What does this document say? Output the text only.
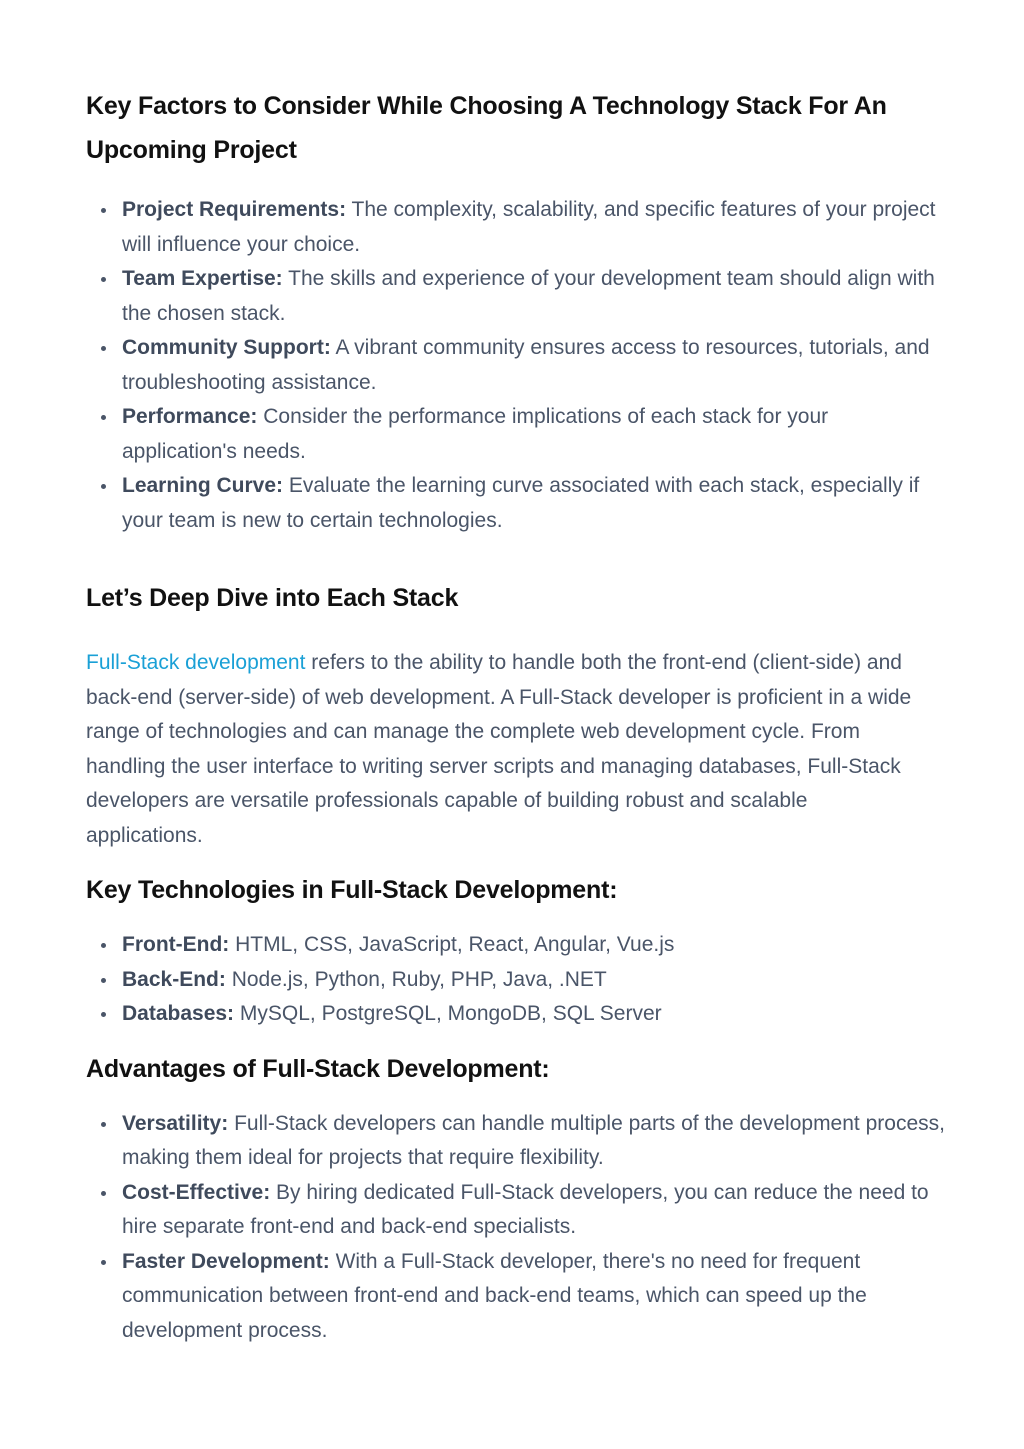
Key Factors to Consider While Choosing A Technology Stack For An Upcoming Project
Project Requirements: The complexity, scalability, and specific features of your project will influence your choice.
Team Expertise: The skills and experience of your development team should align with the chosen stack.
Community Support: A vibrant community ensures access to resources, tutorials, and troubleshooting assistance.
Performance: Consider the performance implications of each stack for your application's needs.
Learning Curve: Evaluate the learning curve associated with each stack, especially if your team is new to certain technologies.
Let’s Deep Dive into Each Stack

Full-Stack development refers to the ability to handle both the front-end (client-side) and back-end (server-side) of web development. A Full-Stack developer is proficient in a wide range of technologies and can manage the complete web development cycle. From handling the user interface to writing server scripts and managing databases, Full-Stack developers are versatile professionals capable of building robust and scalable applications.

Key Technologies in Full-Stack Development:
Front-End: HTML, CSS, JavaScript, React, Angular, Vue.js
Back-End: Node.js, Python, Ruby, PHP, Java, .NET
Databases: MySQL, PostgreSQL, MongoDB, SQL Server
Advantages of Full-Stack Development:
Versatility: Full-Stack developers can handle multiple parts of the development process, making them ideal for projects that require flexibility.
Cost-Effective: By hiring dedicated Full-Stack developers, you can reduce the need to hire separate front-end and back-end specialists.
Faster Development: With a Full-Stack developer, there's no need for frequent communication between front-end and back-end teams, which can speed up the development process.
